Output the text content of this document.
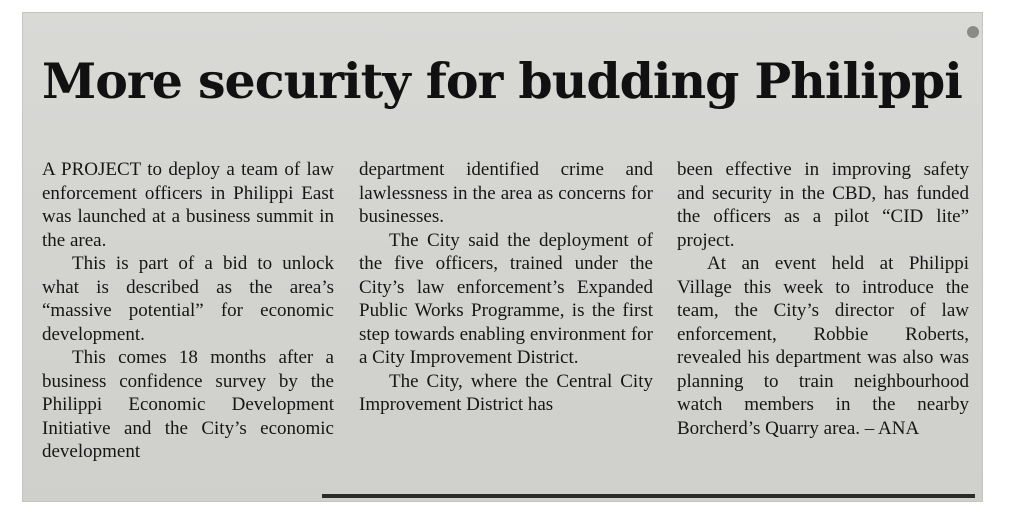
More security for budding Philippi

A PROJECT to deploy a team of law enforcement officers in Philippi East was launched at a business summit in the area.

This is part of a bid to unlock what is described as the area’s “massive potential” for economic development.

This comes 18 months after a business confidence survey by the Philippi Economic Development Initiative and the City’s economic development

department identified crime and lawlessness in the area as concerns for businesses.

The City said the deployment of the five officers, trained under the City’s law enforcement’s Expanded Public Works Programme, is the first step towards enabling environment for a City Improvement District.

The City, where the Central City Improvement District has

been effective in improving safety and security in the CBD, has funded the officers as a pilot “CID lite” project.

At an event held at Philippi Village this week to introduce the team, the City’s director of law enforcement, Robbie Roberts, revealed his department was also was planning to train neighbourhood watch members in the nearby Borcherd’s Quarry area. – ANA
